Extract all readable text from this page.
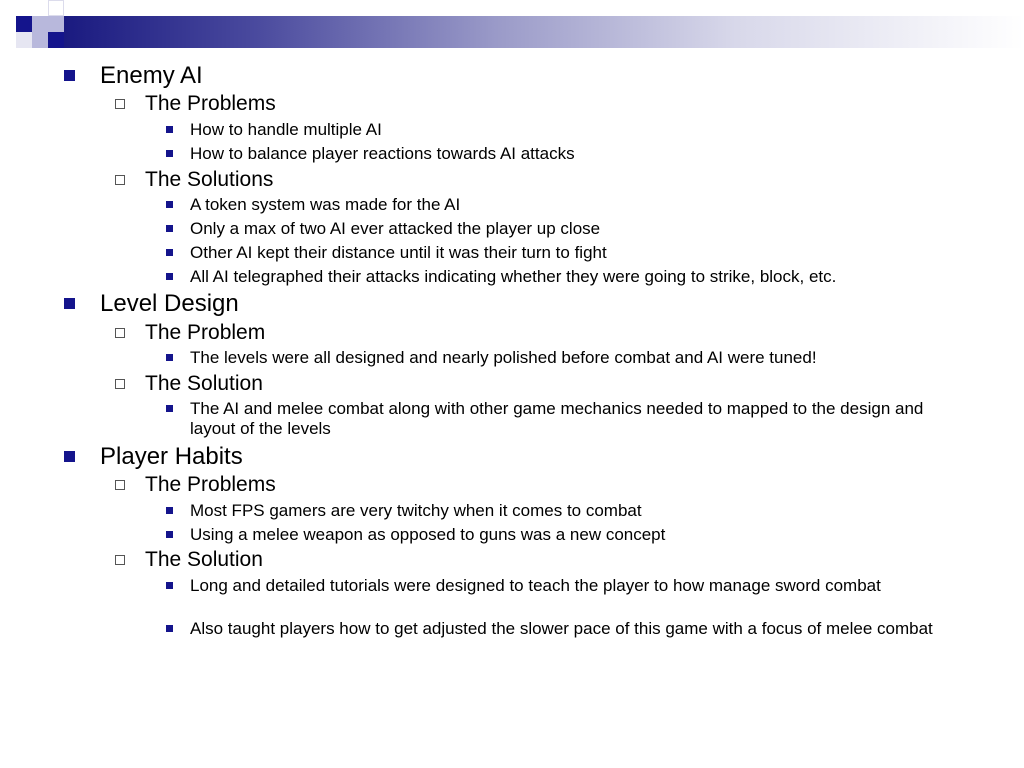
Enemy AI
The Problems
How to handle multiple AI
How to balance player reactions towards AI attacks
The Solutions
A token system was made for the AI
Only a max of two AI ever attacked the player up close
Other AI kept their distance until it was their turn to fight
All AI telegraphed their attacks indicating whether they were going to strike, block, etc.
Level Design
The Problem
The levels were all designed and nearly polished before combat and AI were tuned!
The Solution
The AI and melee combat along with other game mechanics needed to mapped to the design and layout of the levels
Player Habits
The Problems
Most FPS gamers are very twitchy when it comes to combat
Using a melee weapon as opposed to guns was a new concept
The Solution
Long and detailed tutorials were designed to teach the player to how manage sword combat
Also taught players how to get adjusted the slower pace of this game with a focus of melee combat
